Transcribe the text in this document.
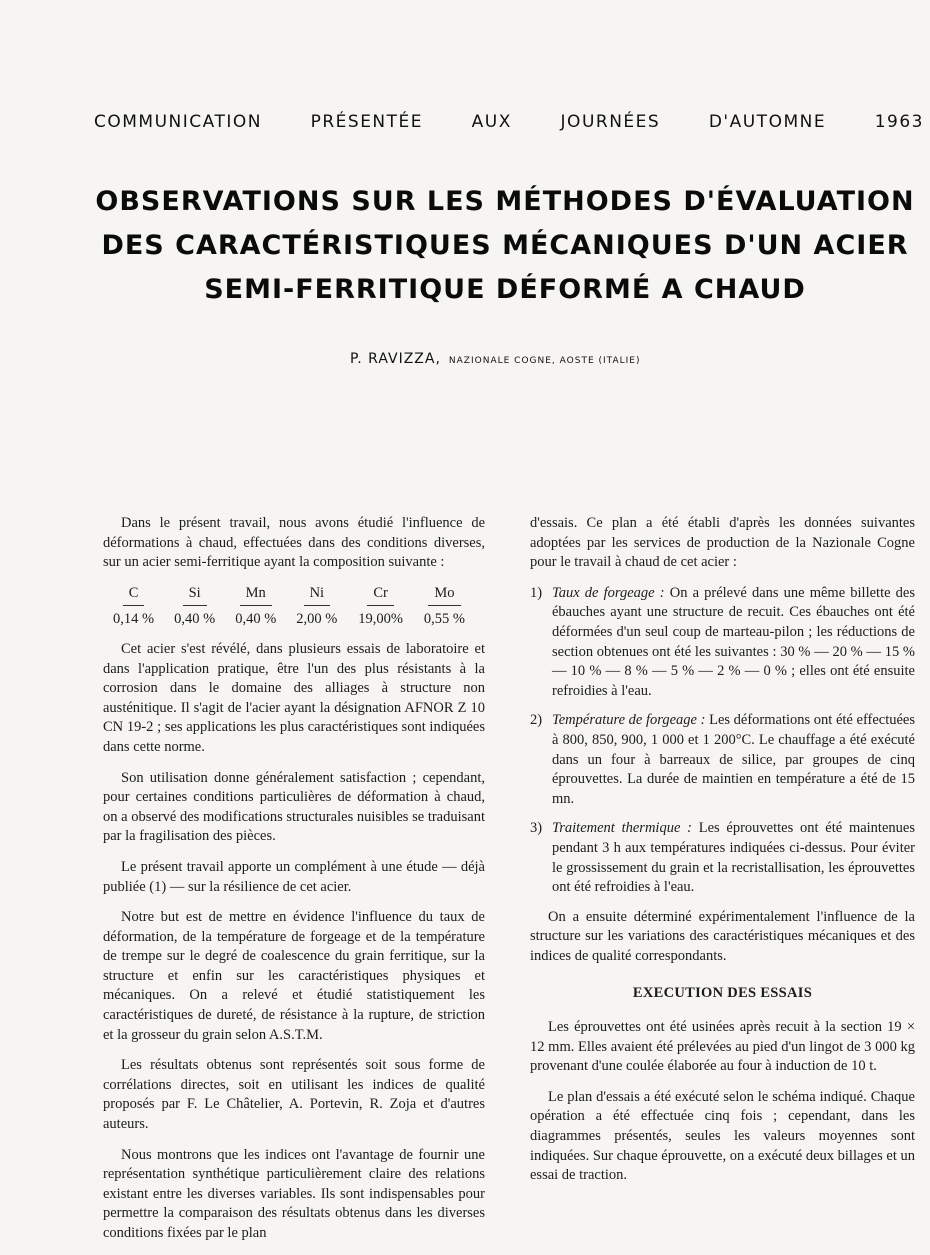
COMMUNICATION	PRÉSENTÉE	AUX	JOURNÉES	D'AUTOMNE	1963
OBSERVATIONS SUR LES MÉTHODES D'ÉVALUATION
DES CARACTÉRISTIQUES MÉCANIQUES D'UN ACIER
SEMI-FERRITIQUE DÉFORMÉ A CHAUD
P. RAVIZZA, NAZIONALE COGNE, AOSTE (ITALIE)

Dans le présent travail, nous avons étudié l'influence de déformations à chaud, effectuées dans des conditions diverses, sur un acier semi-ferritique ayant la composition suivante :

C	Si	Mn	Ni	Cr	Mo
0,14 %	0,40 %	0,40 %	2,00 %	19,00%	0,55 %

Cet acier s'est révélé, dans plusieurs essais de laboratoire et dans l'application pratique, être l'un des plus résistants à la corrosion dans le domaine des alliages à structure non austénitique. Il s'agit de l'acier ayant la désignation AFNOR Z 10 CN 19-2 ; ses applications les plus caractéristiques sont indiquées dans cette norme.

Son utilisation donne généralement satisfaction ; cependant, pour certaines conditions particulières de déformation à chaud, on a observé des modifications structurales nuisibles se traduisant par la fragilisation des pièces.

Le présent travail apporte un complément à une étude — déjà publiée (1) — sur la résilience de cet acier.

Notre but est de mettre en évidence l'influence du taux de déformation, de la température de forgeage et de la température de trempe sur le degré de coalescence du grain ferritique, sur la structure et enfin sur les caractéristiques physiques et mécaniques. On a relevé et étudié statistiquement les caractéristiques de dureté, de résistance à la rupture, de striction et la grosseur du grain selon A.S.T.M.

Les résultats obtenus sont représentés soit sous forme de corrélations directes, soit en utilisant les indices de qualité proposés par F. Le Châtelier, A. Portevin, R. Zoja et d'autres auteurs.

Nous montrons que les indices ont l'avantage de fournir une représentation synthétique particulièrement claire des relations existant entre les diverses variables. Ils sont indispensables pour permettre la comparaison des résultats obtenus dans les diverses conditions fixées par le plan

d'essais. Ce plan a été établi d'après les données suivantes adoptées par les services de production de la Nazionale Cogne pour le travail à chaud de cet acier :

1) Taux de forgeage : On a prélevé dans une même billette des ébauches ayant une structure de recuit. Ces ébauches ont été déformées d'un seul coup de marteau-pilon ; les réductions de section obtenues ont été les suivantes : 30 % — 20 % — 15 % — 10 % — 8 % — 5 % — 2 % — 0 % ; elles ont été ensuite refroidies à l'eau.
2) Température de forgeage : Les déformations ont été effectuées à 800, 850, 900, 1 000 et 1 200°C. Le chauffage a été exécuté dans un four à barreaux de silice, par groupes de cinq éprouvettes. La durée de maintien en température a été de 15 mn.
3) Traitement thermique : Les éprouvettes ont été maintenues pendant 3 h aux températures indiquées ci-dessus. Pour éviter le grossissement du grain et la recristallisation, les éprouvettes ont été refroidies à l'eau.

On a ensuite déterminé expérimentalement l'influence de la structure sur les variations des caractéristiques mécaniques et des indices de qualité correspondants.

EXECUTION DES ESSAIS

Les éprouvettes ont été usinées après recuit à la section 19 × 12 mm. Elles avaient été prélevées au pied d'un lingot de 3 000 kg provenant d'une coulée élaborée au four à induction de 10 t.

Le plan d'essais a été exécuté selon le schéma indiqué. Chaque opération a été effectuée cinq fois ; cependant, dans les diagrammes présentés, seules les valeurs moyennes sont indiquées. Sur chaque éprouvette, on a exécuté deux billages et un essai de traction.
